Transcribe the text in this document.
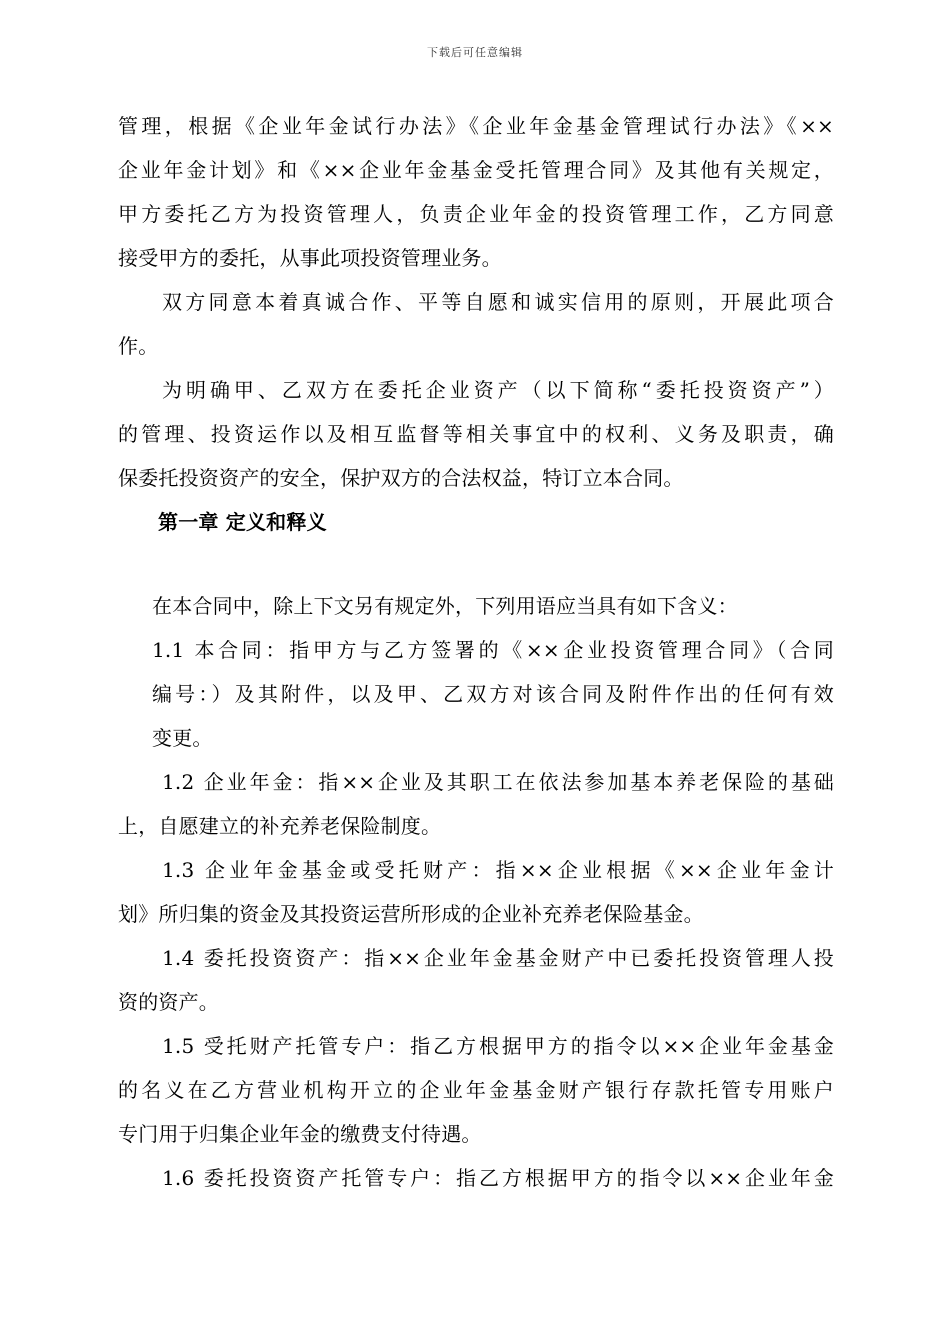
下载后可任意编辑
管理，根据《企业年金试行办法》《企业年金基金管理试行办法》《××
企业年金计划》和《××企业年金基金受托管理合同》及其他有关规定，
甲方委托乙方为投资管理人，负责企业年金的投资管理工作，乙方同意
接受甲方的委托，从事此项投资管理业务。
双方同意本着真诚合作、平等自愿和诚实信用的原则，开展此项合
作。
为明确甲、乙双方在委托企业资产（以下简称“委托投资资产”）
的管理、投资运作以及相互监督等相关事宜中的权利、义务及职责，确
保委托投资资产的安全，保护双方的合法权益，特订立本合同。
第一章 定义和释义
在本合同中，除上下文另有规定外，下列用语应当具有如下含义：
1.1 本合同：指甲方与乙方签署的《××企业投资管理合同》（合同
编号：）及其附件，以及甲、乙双方对该合同及附件作出的任何有效
变更。
1.2 企业年金：指××企业及其职工在依法参加基本养老保险的基础
上，自愿建立的补充养老保险制度。
1.3 企业年金基金或受托财产：指××企业根据《××企业年金计
划》所归集的资金及其投资运营所形成的企业补充养老保险基金。
1.4 委托投资资产：指××企业年金基金财产中已委托投资管理人投
资的资产。
1.5 受托财产托管专户：指乙方根据甲方的指令以××企业年金基金
的名义在乙方营业机构开立的企业年金基金财产银行存款托管专用账户
专门用于归集企业年金的缴费支付待遇。
1.6 委托投资资产托管专户：指乙方根据甲方的指令以××企业年金
